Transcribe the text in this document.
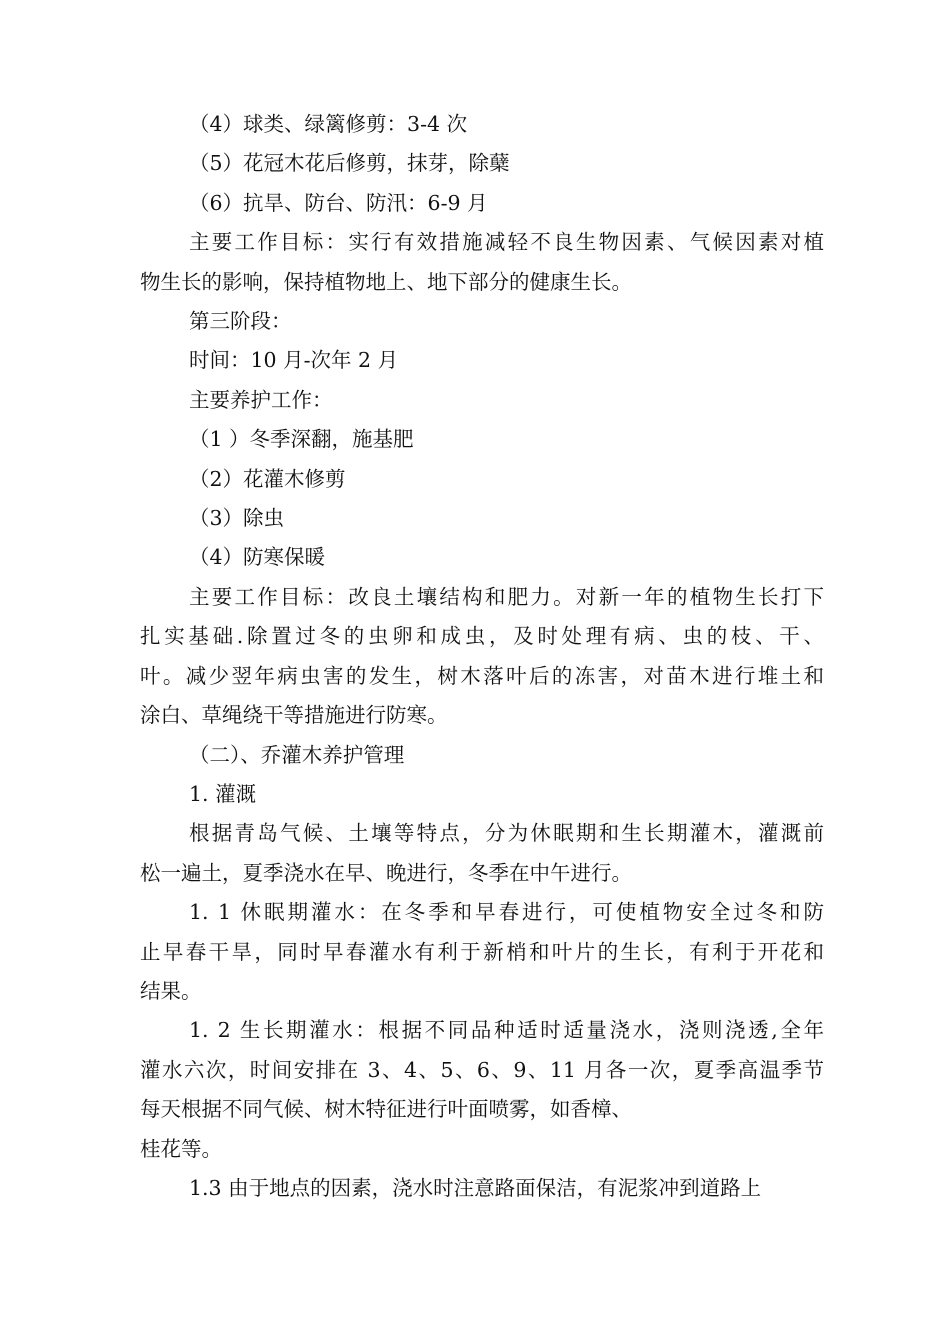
（4）球类、绿篱修剪：3-4 次
（5）花冠木花后修剪，抹芽，除蘖
（6）抗旱、防台、防汛：6-9 月
主要工作目标：实行有效措施减轻不良生物因素、气候因素对植
物生长的影响，保持植物地上、地下部分的健康生长。
第三阶段：
时间：10 月-次年 2 月
主要养护工作：
（1 ）冬季深翻，施基肥
（2）花灌木修剪
（3）除虫
（4）防寒保暖
主要工作目标：改良土壤结构和肥力。对新一年的植物生长打下
扎实基础.除置过冬的虫卵和成虫，及时处理有病、虫的枝、干、
叶。减少翌年病虫害的发生，树木落叶后的冻害，对苗木进行堆土和
涂白、草绳绕干等措施进行防寒。
（二）、乔灌木养护管理
1. 灌溉
根据青岛气候、土壤等特点，分为休眠期和生长期灌木，灌溉前
松一遍土，夏季浇水在早、晚进行，冬季在中午进行。
1. 1 休眠期灌水：在冬季和早春进行，可使植物安全过冬和防
止早春干旱，同时早春灌水有利于新梢和叶片的生长，有利于开花和
结果。
1. 2 生长期灌水：根据不同品种适时适量浇水，浇则浇透,全年
灌水六次，时间安排在 3、4、5、6、9、11 月各一次，夏季高温季节
每天根据不同气候、树木特征进行叶面喷雾，如香樟、
桂花等。
1.3 由于地点的因素，浇水时注意路面保洁，有泥浆冲到道路上
